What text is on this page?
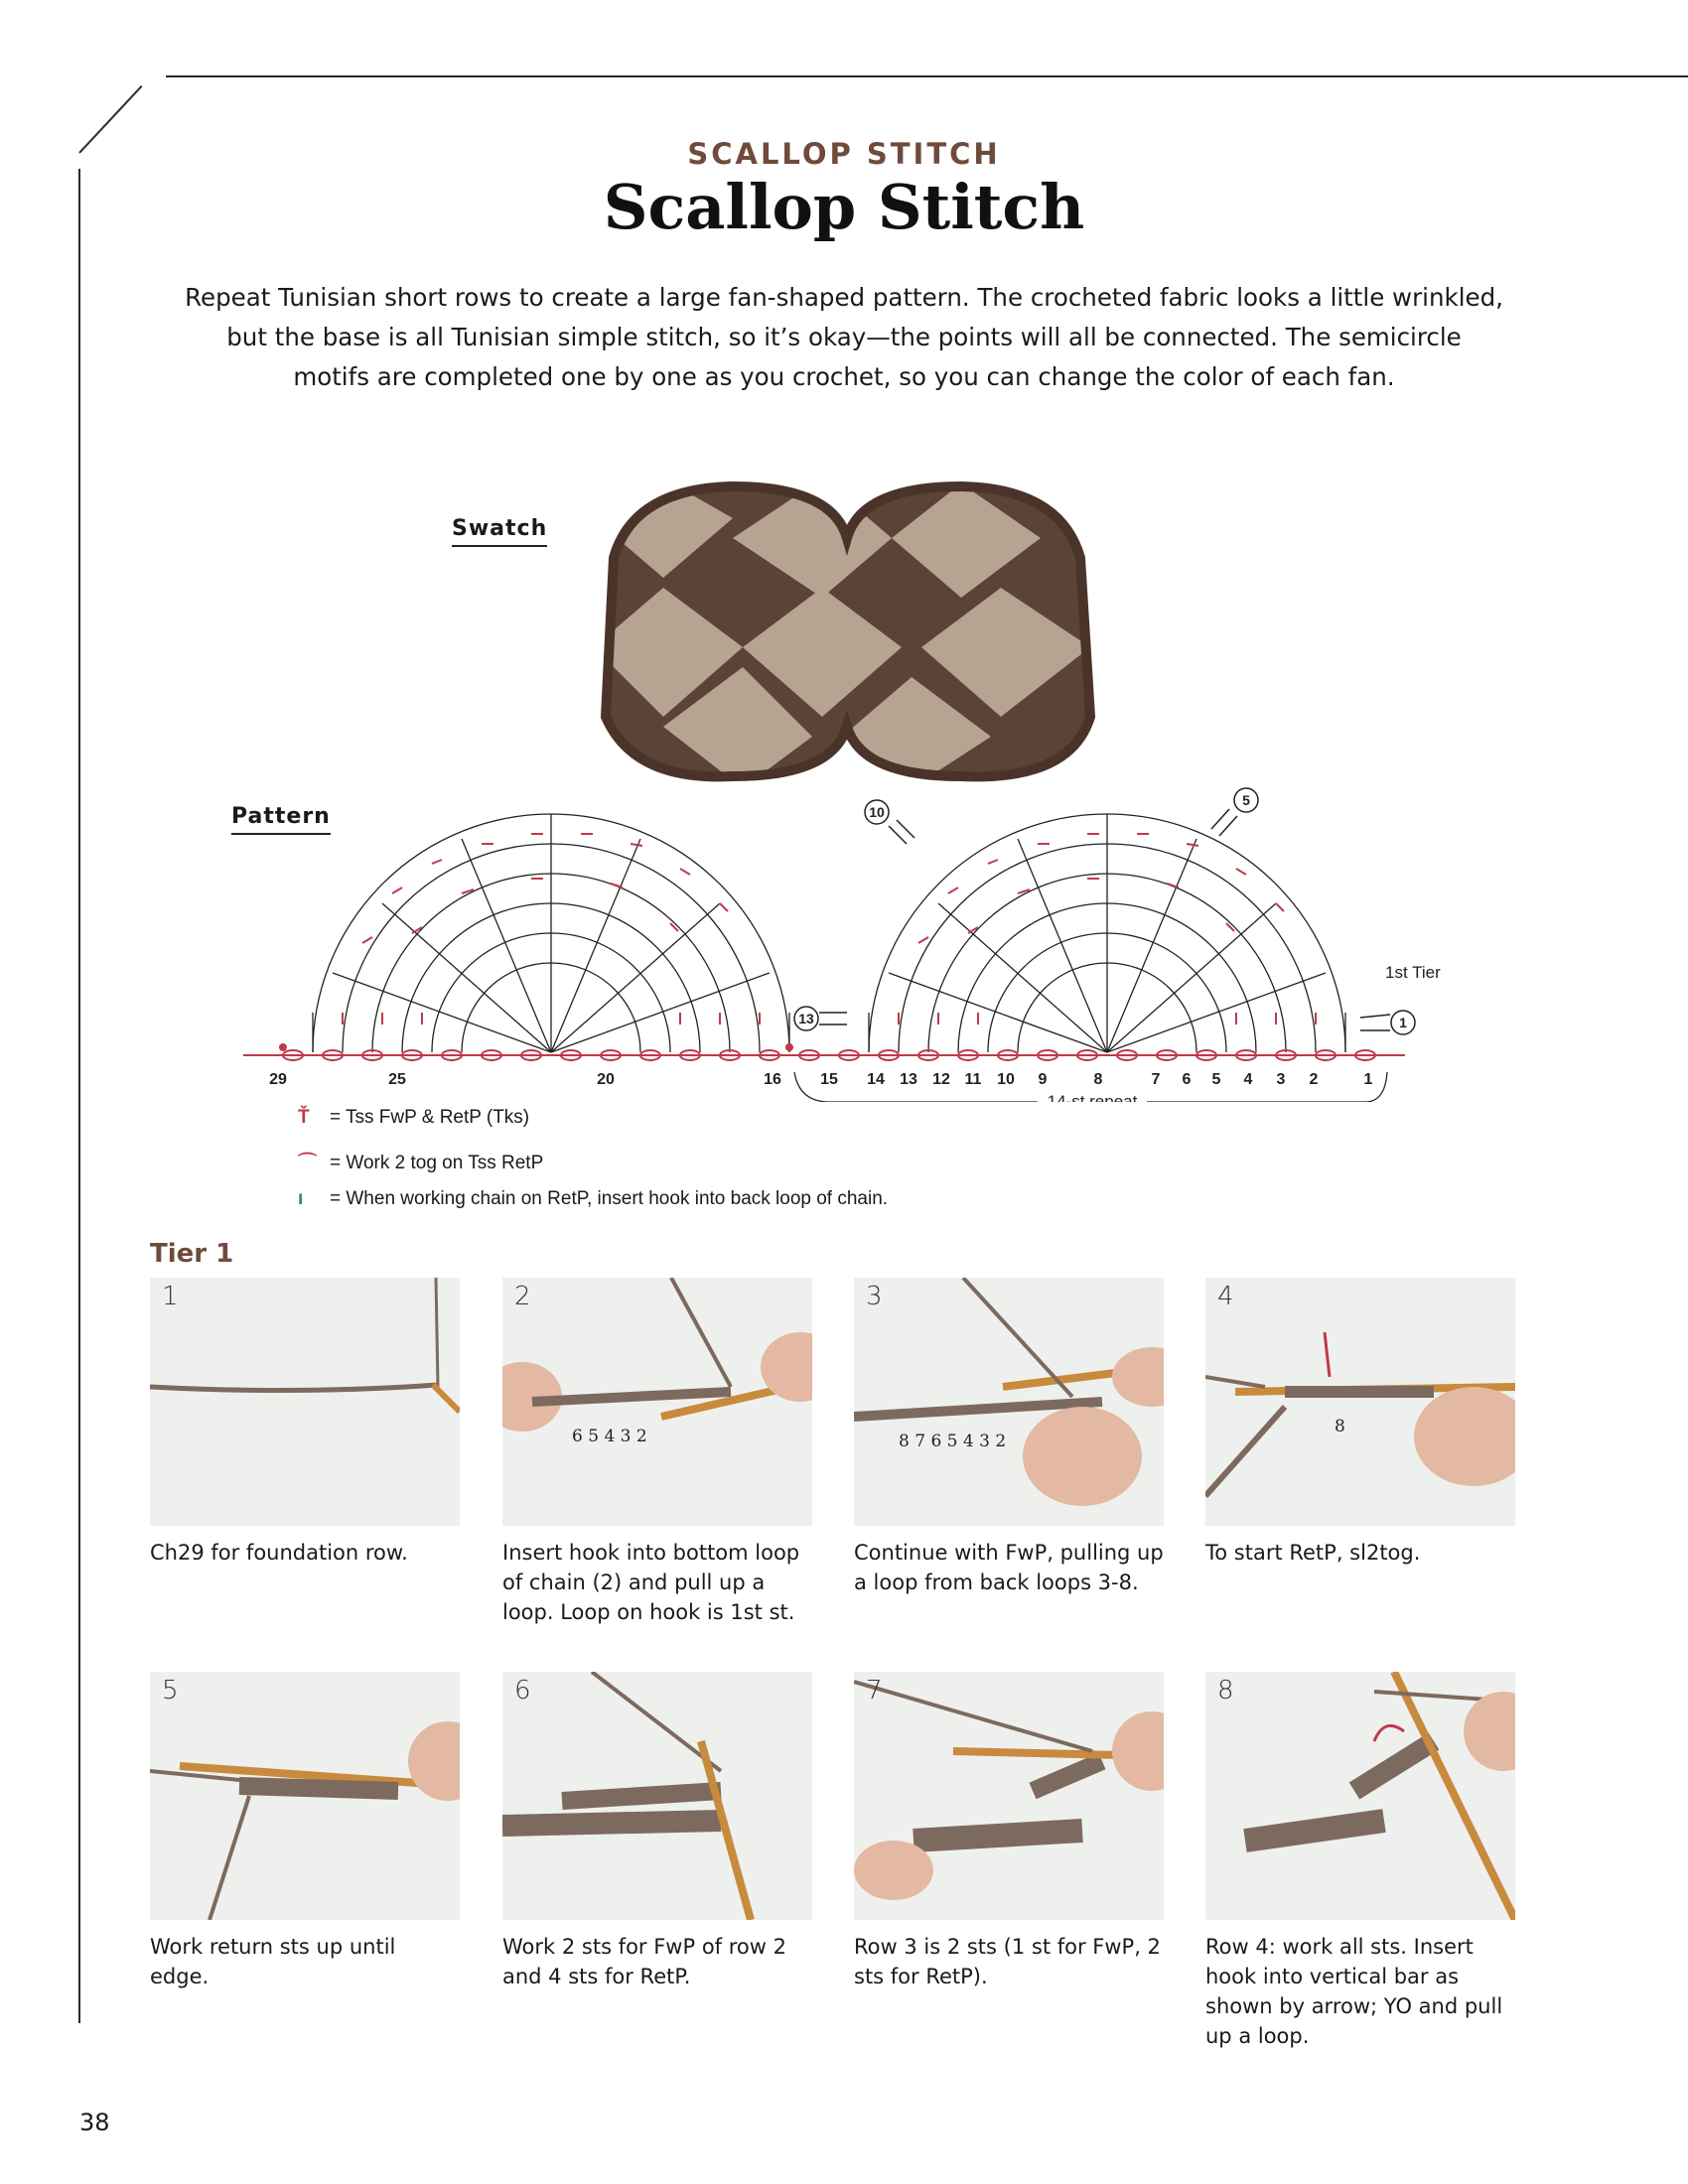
SCALLOP STITCH
Scallop Stitch
Repeat Tunisian short rows to create a large fan-shaped pattern. The crocheted fabric looks a little wrinkled,
but the base is all Tunisian simple stitch, so it’s okay—the points will all be connected. The semicircle
motifs are completed one by one as you crochet, so you can change the color of each fan.
Swatch
Pattern
5
10
13	1
1st Tier
29	25	20	16 15 14 13 12 11 10 9	8	7 6 5 4 3 2	1
14-st repeat
Ť = Tss FwP & RetP (Tks)
⌒ = Work 2 tog on Tss RetP
ı = When working chain on RetP, insert hook into back loop of chain.
Tier 1
1
Ch29 for foundation row.
2
6 5 4 3 2
Insert hook into bottom loop of chain (2) and pull up a loop. Loop on hook is 1st st.
3
8 7 6 5 4 3 2
Continue with FwP, pulling up a loop from back loops 3-8.
4
8
To start RetP, sl2tog.
5
Work return sts up until edge.
6
Work 2 sts for FwP of row 2 and 4 sts for RetP.
7
Row 3 is 2 sts (1 st for FwP, 2 sts for RetP).
8
Row 4: work all sts. Insert hook into vertical bar as shown by arrow; YO and pull up a loop.
38
